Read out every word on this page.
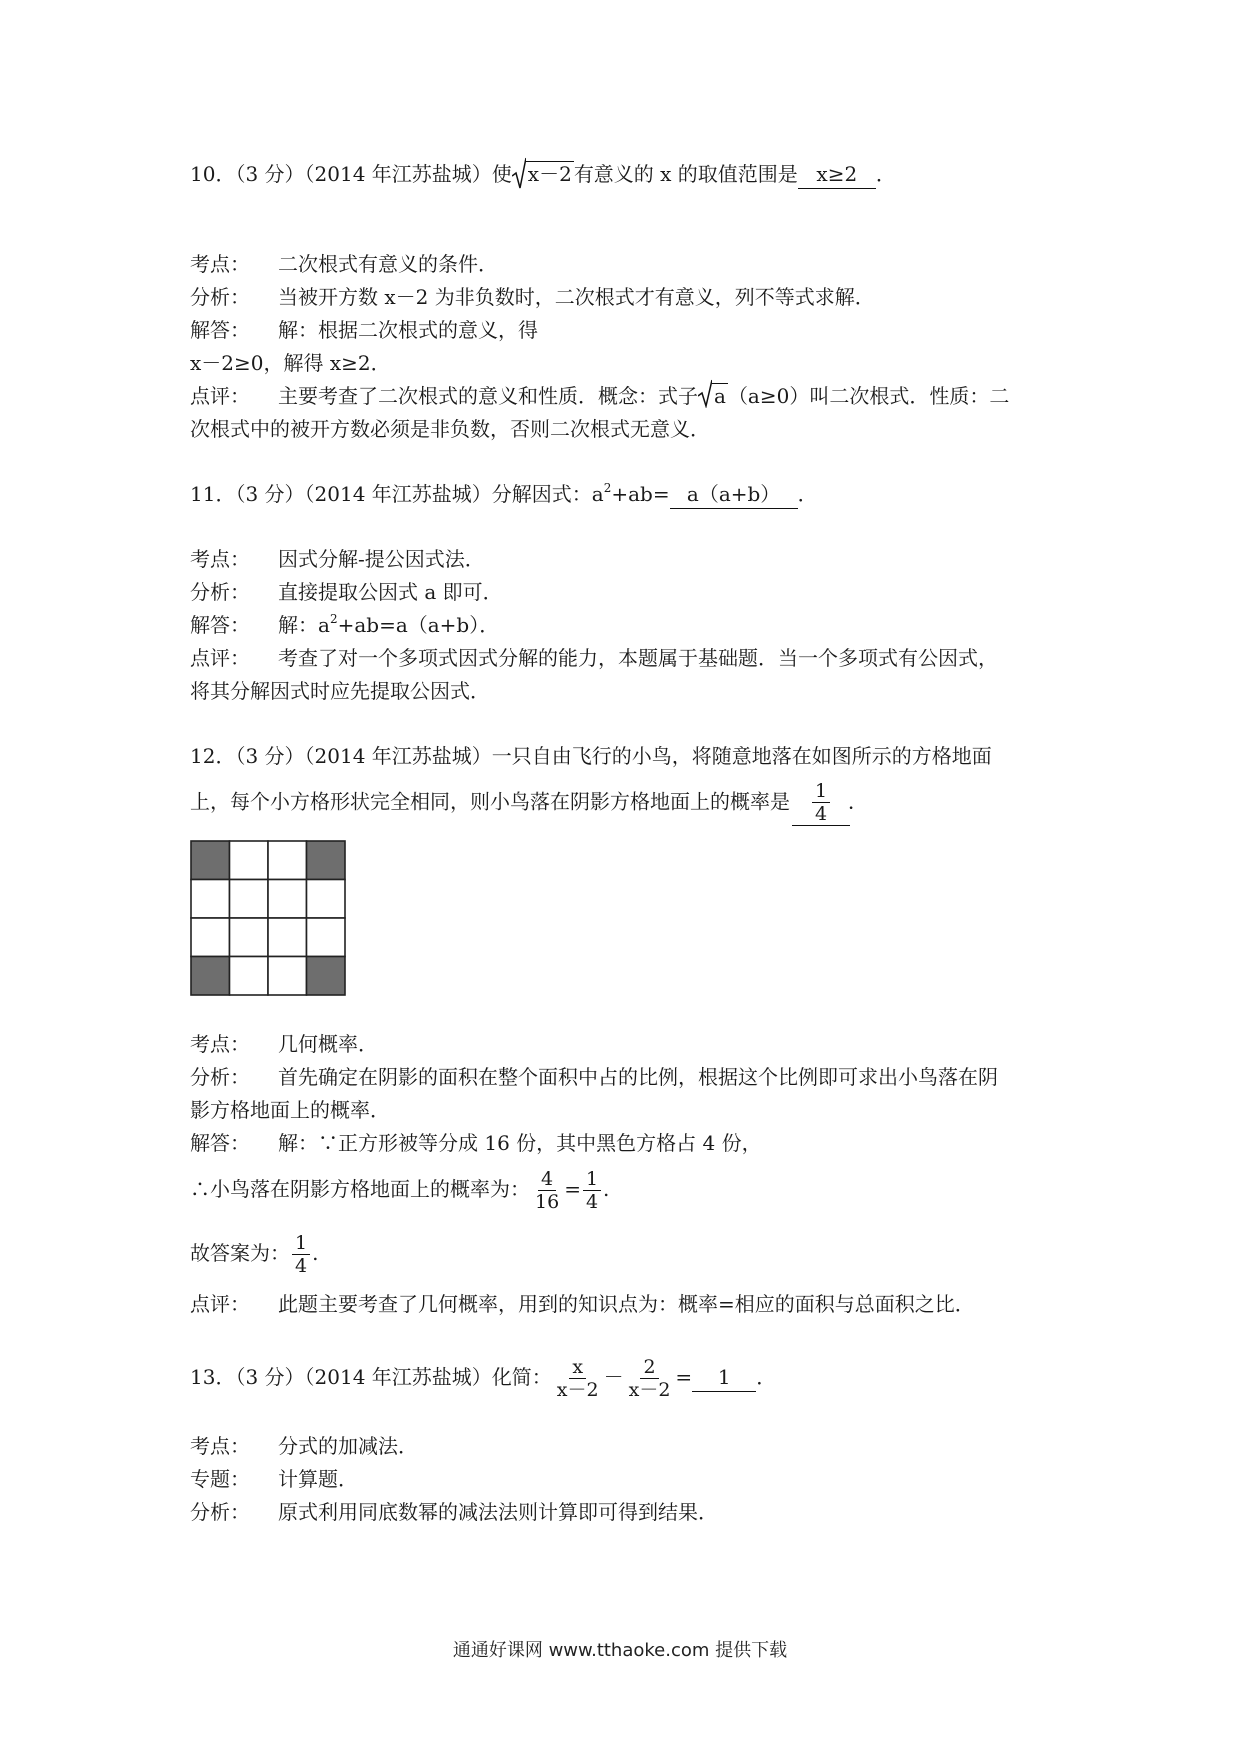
10．（3 分）（2014 年江苏盐城）使 x－2 有意义的 x 的取值范围是 x≥2 ．
考点： 二次根式有意义的条件．
分析： 当被开方数 x－2 为非负数时，二次根式才有意义，列不等式求解．
解答： 解：根据二次根式的意义，得
x－2≥0，解得 x≥2．
点评： 主要考查了二次根式的意义和性质．概念：式子 a （a≥0）叫二次根式．性质：二
次根式中的被开方数必须是非负数，否则二次根式无意义．
11．（3 分）（2014 年江苏盐城）分解因式：$a^2+ab= a(a+b)$ ．
考点： 因式分解-提公因式法．
分析： 直接提取公因式 a 即可．
解答： 解：$a^2+ab=a(a+b)$．
点评： 考查了对一个多项式因式分解的能力，本题属于基础题．当一个多项式有公因式，
将其分解因式时应先提取公因式．
12．（3 分）（2014 年江苏盐城）一只自由飞行的小鸟，将随意地落在如图所示的方格地面
上，每个小方格形状完全相同，则小鸟落在阴影方格地面上的概率是 $\frac{1}{4}$
．
考点： 几何概率．
分析： 首先确定在阴影的面积在整个面积中占的比例，根据这个比例即可求出小鸟落在阴
影方格地面上的概率．
解答： 解：∵正方形被等分成 16 份，其中黑色方格占 4 份，
∴小鸟落在阴影方格地面上的概率为： $\frac{4}{16} = \frac{1}{4}$ .
故答案为： $\frac{1}{4}$ .
点评： 此题主要考查了几何概率，用到的知识点为：概率=相应的面积与总面积之比．
13．（3 分）（2014 年江苏盐城）化简： $\frac{x}{x-2} - \frac{2}{x-2} = 1$ ．
考点： 分式的加减法．
专题： 计算题．
分析： 原式利用同底数幂的减法法则计算即可得到结果．
通通好课网 www.tthaoke.com 提供下载
